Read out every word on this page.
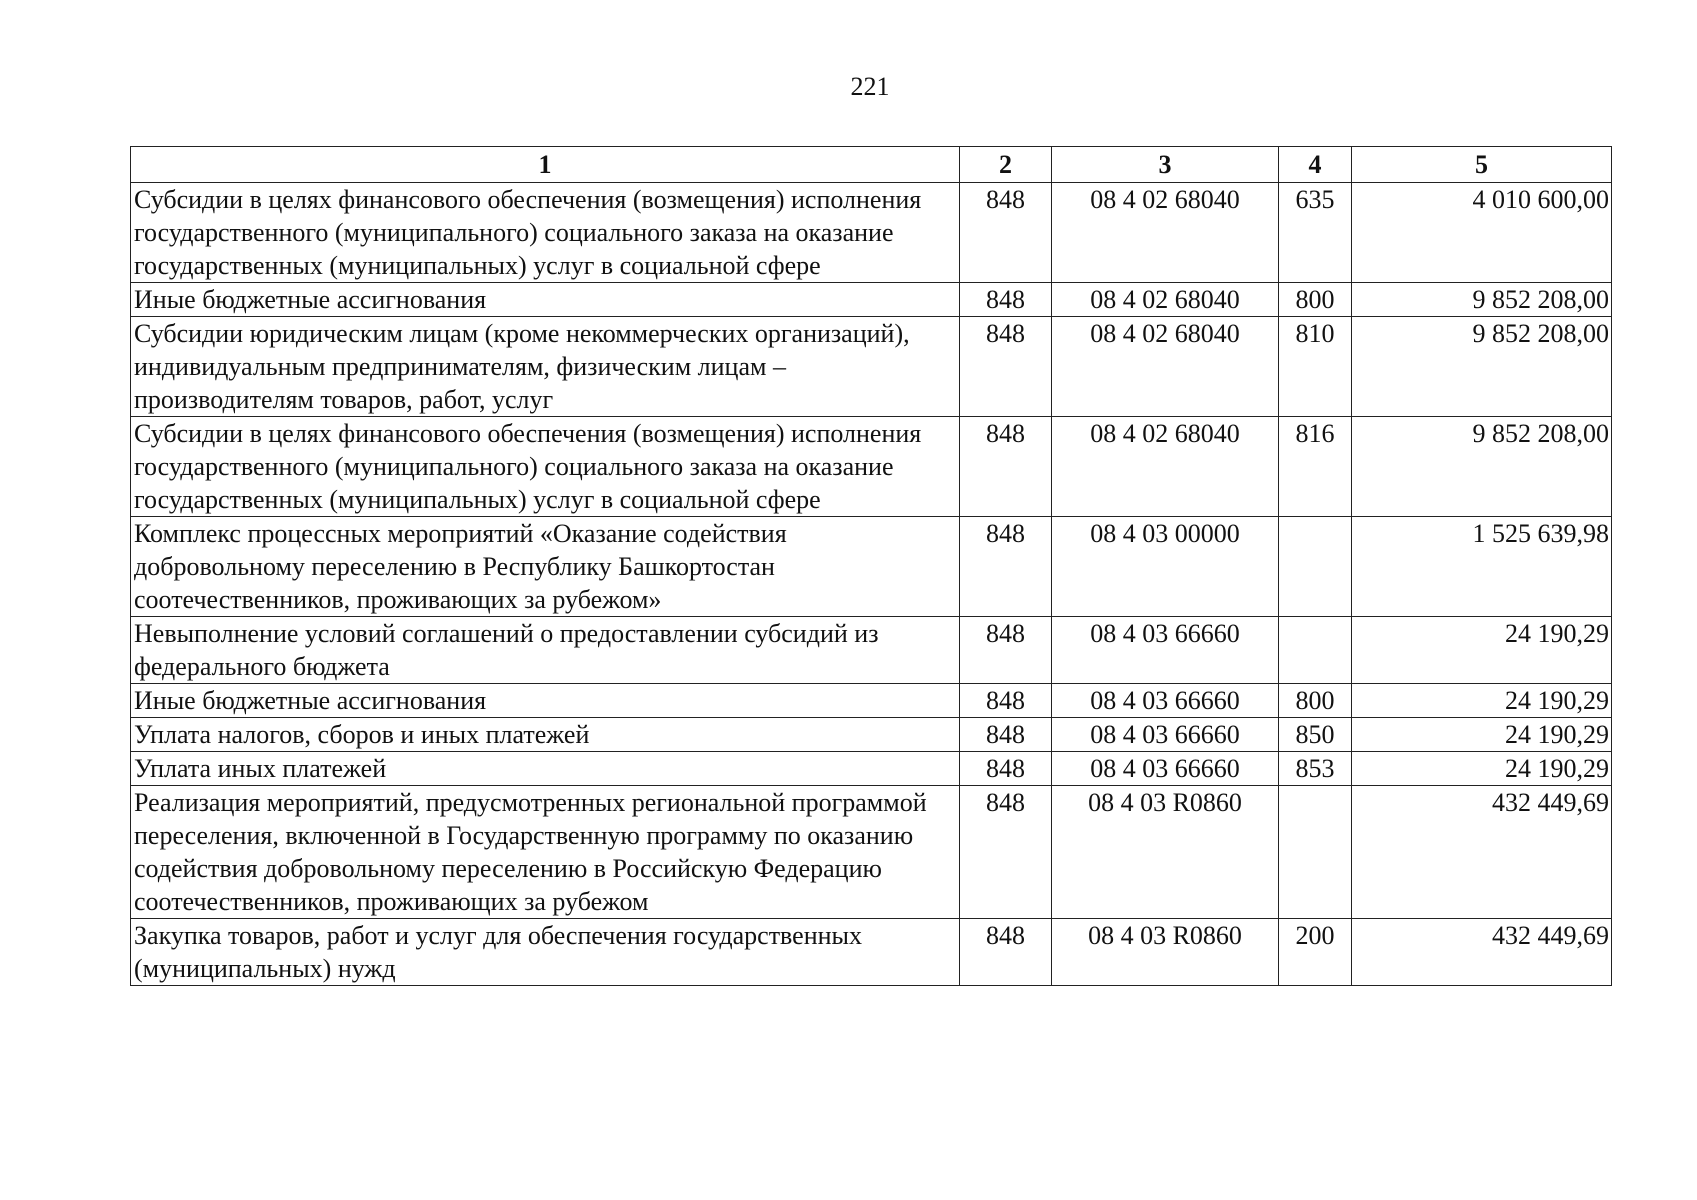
221
1	2	3	4	5
Субсидии в целях финансового обеспечения (возмещения) исполнения государственного (муниципального) социального заказа на оказание государственных (муниципальных) услуг в социальной сфере	848	08 4 02 68040	635	4 010 600,00
Иные бюджетные ассигнования	848	08 4 02 68040	800	9 852 208,00
Субсидии юридическим лицам (кроме некоммерческих организаций), индивидуальным предпринимателям, физическим лицам – производителям товаров, работ, услуг	848	08 4 02 68040	810	9 852 208,00
Субсидии в целях финансового обеспечения (возмещения) исполнения государственного (муниципального) социального заказа на оказание государственных (муниципальных) услуг в социальной сфере	848	08 4 02 68040	816	9 852 208,00
Комплекс процессных мероприятий «Оказание содействия добровольному переселению в Республику Башкортостан соотечественников, проживающих за рубежом»	848	08 4 03 00000		1 525 639,98
Невыполнение условий соглашений о предоставлении субсидий из федерального бюджета	848	08 4 03 66660		24 190,29
Иные бюджетные ассигнования	848	08 4 03 66660	800	24 190,29
Уплата налогов, сборов и иных платежей	848	08 4 03 66660	850	24 190,29
Уплата иных платежей	848	08 4 03 66660	853	24 190,29
Реализация мероприятий, предусмотренных региональной программой переселения, включенной в Государственную программу по оказанию содействия добровольному переселению в Российскую Федерацию соотечественников, проживающих за рубежом	848	08 4 03 R0860		432 449,69
Закупка товаров, работ и услуг для обеспечения государственных (муниципальных) нужд	848	08 4 03 R0860	200	432 449,69
